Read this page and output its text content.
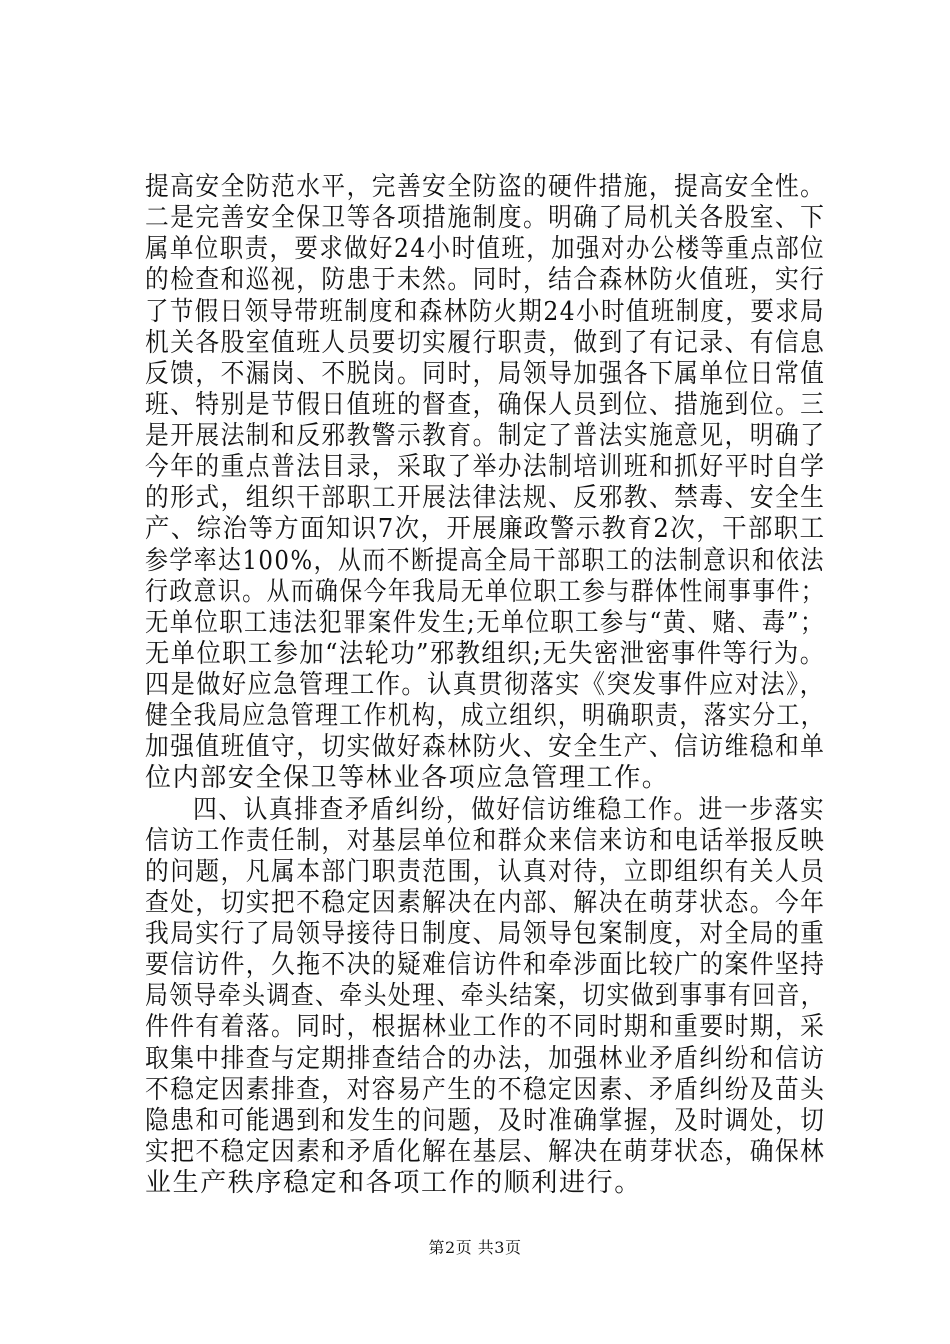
提高安全防范水平，完善安全防盗的硬件措施，提高安全性。
二是完善安全保卫等各项措施制度。明确了局机关各股室、下
属单位职责，要求做好24小时值班，加强对办公楼等重点部位
的检查和巡视，防患于未然。同时，结合森林防火值班，实行
了节假日领导带班制度和森林防火期24小时值班制度，要求局
机关各股室值班人员要切实履行职责，做到了有记录、有信息
反馈，不漏岗、不脱岗。同时，局领导加强各下属单位日常值
班、特别是节假日值班的督查，确保人员到位、措施到位。三
是开展法制和反邪教警示教育。制定了普法实施意见，明确了
今年的重点普法目录，采取了举办法制培训班和抓好平时自学
的形式，组织干部职工开展法律法规、反邪教、禁毒、安全生
产、综治等方面知识7次，开展廉政警示教育2次，干部职工
参学率达100%，从而不断提高全局干部职工的法制意识和依法
行政意识。从而确保今年我局无单位职工参与群体性闹事事件；
无单位职工违法犯罪案件发生;无单位职工参与“黄、赌、毒”；
无单位职工参加“法轮功”邪教组织;无失密泄密事件等行为。
四是做好应急管理工作。认真贯彻落实《突发事件应对法》，
健全我局应急管理工作机构，成立组织，明确职责，落实分工，
加强值班值守，切实做好森林防火、安全生产、信访维稳和单
位内部安全保卫等林业各项应急管理工作。
四、认真排查矛盾纠纷，做好信访维稳工作。进一步落实
信访工作责任制，对基层单位和群众来信来访和电话举报反映
的问题，凡属本部门职责范围，认真对待，立即组织有关人员
查处，切实把不稳定因素解决在内部、解决在萌芽状态。今年
我局实行了局领导接待日制度、局领导包案制度，对全局的重
要信访件，久拖不决的疑难信访件和牵涉面比较广的案件坚持
局领导牵头调查、牵头处理、牵头结案，切实做到事事有回音，
件件有着落。同时，根据林业工作的不同时期和重要时期，采
取集中排查与定期排查结合的办法，加强林业矛盾纠纷和信访
不稳定因素排查，对容易产生的不稳定因素、矛盾纠纷及苗头
隐患和可能遇到和发生的问题，及时准确掌握，及时调处，切
实把不稳定因素和矛盾化解在基层、解决在萌芽状态，确保林
第2页 共3页
业生产秩序稳定和各项工作的顺利进行。
